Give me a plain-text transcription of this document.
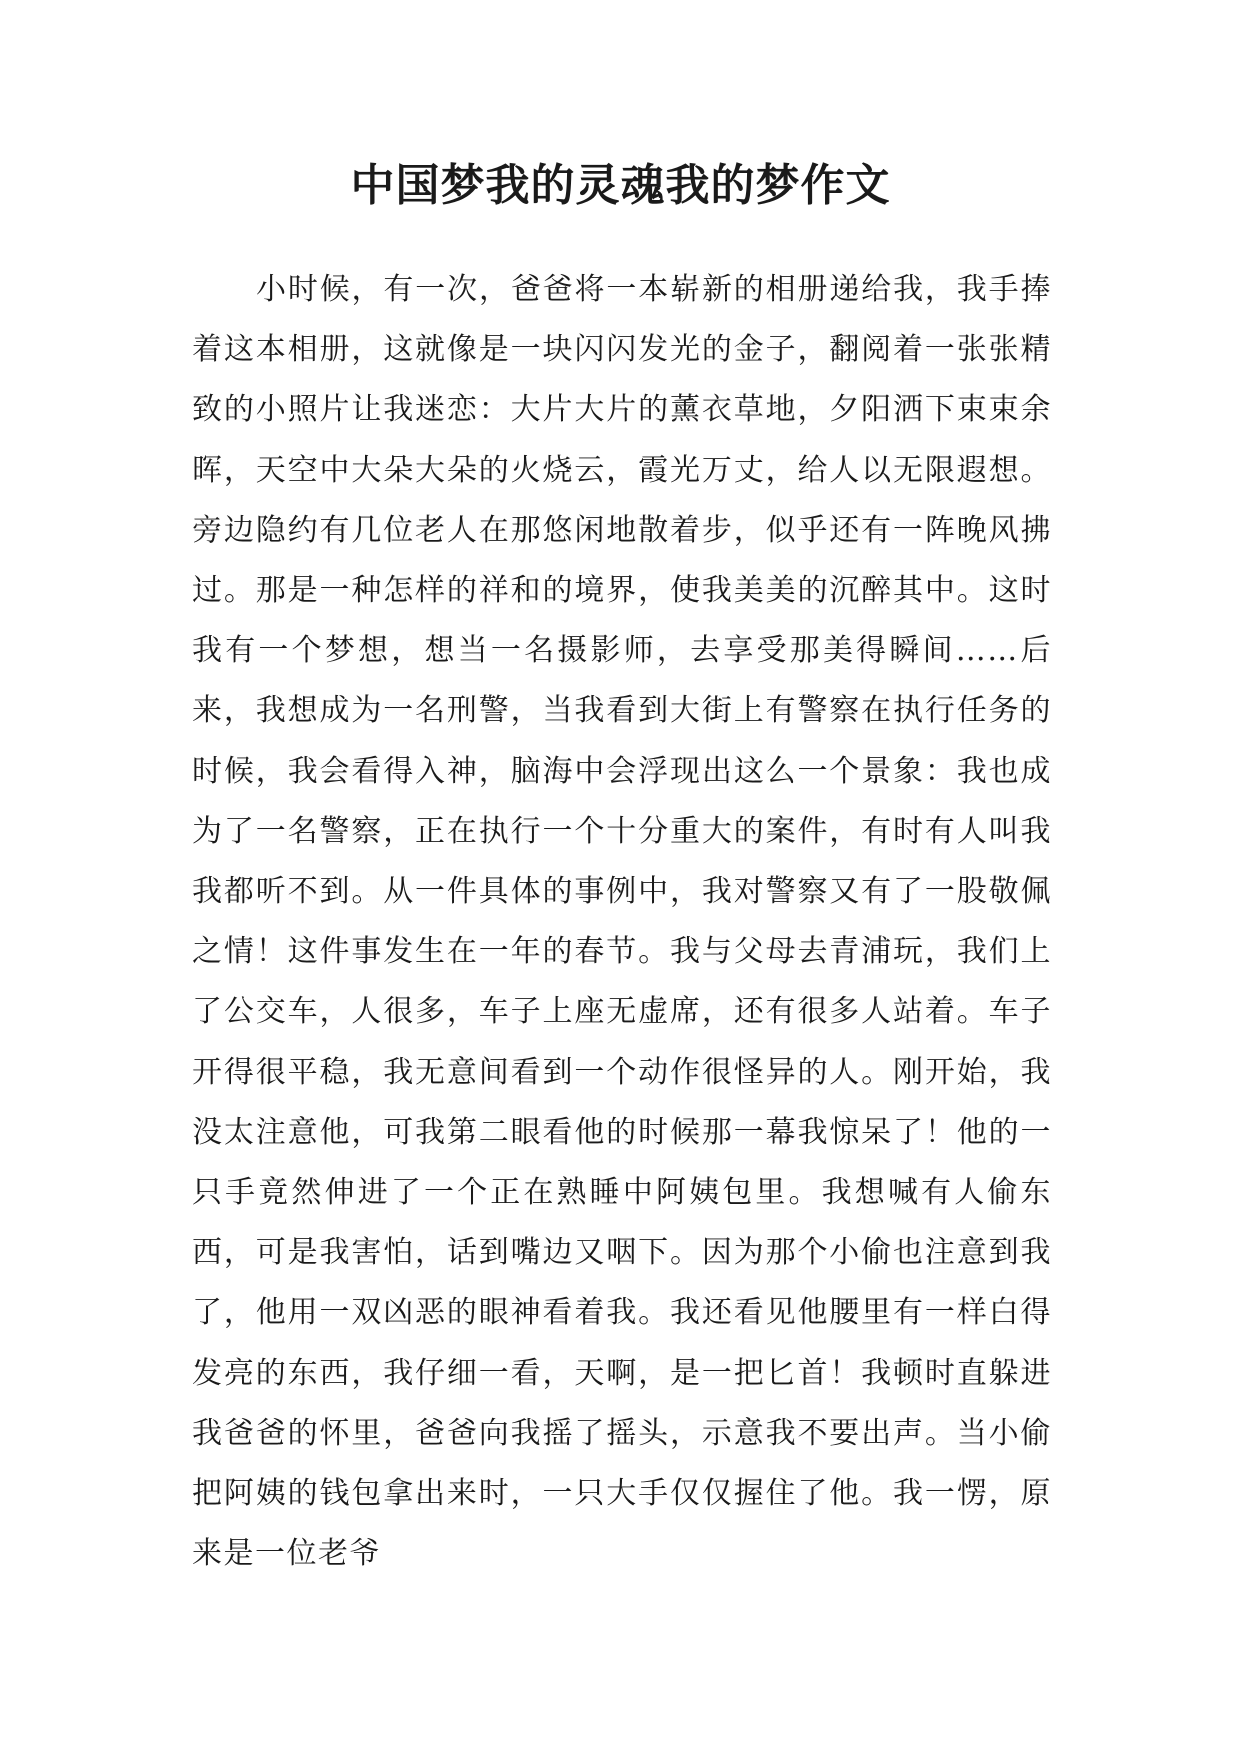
中国梦我的灵魂我的梦作文

小时候，有一次，爸爸将一本崭新的相册递给我，我手捧着这本相册，这就像是一块闪闪发光的金子，翻阅着一张张精致的小照片让我迷恋：大片大片的薰衣草地，夕阳洒下束束余晖，天空中大朵大朵的火烧云，霞光万丈，给人以无限遐想。旁边隐约有几位老人在那悠闲地散着步，似乎还有一阵晚风拂过。那是一种怎样的祥和的境界，使我美美的沉醉其中。这时我有一个梦想，想当一名摄影师，去享受那美得瞬间……后来，我想成为一名刑警，当我看到大街上有警察在执行任务的时候，我会看得入神，脑海中会浮现出这么一个景象：我也成为了一名警察，正在执行一个十分重大的案件，有时有人叫我我都听不到。从一件具体的事例中，我对警察又有了一股敬佩之情！这件事发生在一年的春节。我与父母去青浦玩，我们上了公交车，人很多，车子上座无虚席，还有很多人站着。车子开得很平稳，我无意间看到一个动作很怪异的人。刚开始，我没太注意他，可我第二眼看他的时候那一幕我惊呆了！他的一只手竟然伸进了一个正在熟睡中阿姨包里。我想喊有人偷东西，可是我害怕，话到嘴边又咽下。因为那个小偷也注意到我了，他用一双凶恶的眼神看着我。我还看见他腰里有一样白得发亮的东西，我仔细一看，天啊，是一把匕首！我顿时直躲进我爸爸的怀里，爸爸向我摇了摇头，示意我不要出声。当小偷把阿姨的钱包拿出来时，一只大手仅仅握住了他。我一愣，原来是一位老爷
